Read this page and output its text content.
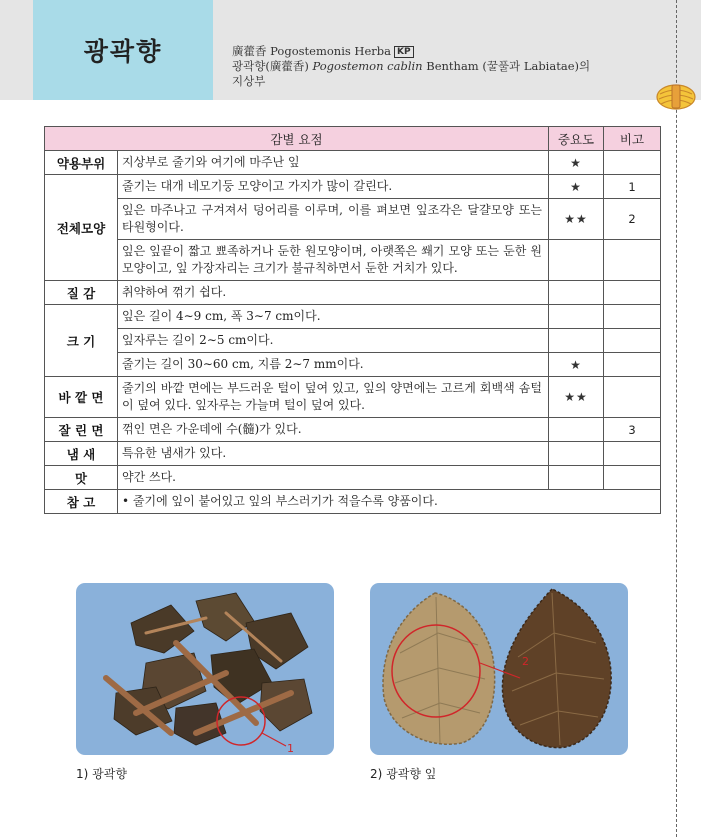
광곽향	廣藿香 Pogostemonis Herba KP
광곽향(廣藿香) Pogostemon cablin Bentham (꿀풀과 Labiatae)의
지상부
감별 요점		중요도	비고
약용부위	지상부로 줄기와 여기에 마주난 잎	★	
전체모양	줄기는 대개 네모기둥 모양이고 가지가 많이 갈린다.	★	1
	잎은 마주나고 구겨져서 덩어리를 이루며, 이를 펴보면 잎조각은 달걀모양 또는 타원형이다.	★★	2
	잎은 잎끝이 짧고 뾰족하거나 둔한 원모양이며, 아랫쪽은 쐐기 모양 또는 둔한 원모양이고, 잎 가장자리는 크기가 불규칙하면서 둔한 거치가 있다.		
질 감	취약하여 꺾기 쉽다.		
크 기	잎은 길이 4∼9 cm, 폭 3∼7 cm이다.		
	잎자루는 길이 2∼5 cm이다.		
	줄기는 길이 30∼60 cm, 지름 2∼7 mm이다.	★	
바 깥 면	줄기의 바깥 면에는 부드러운 털이 덮여 있고, 잎의 양면에는 고르게 회백색 솜털이 덮여 있다. 잎자루는 가늘며 털이 덮여 있다.	★★	
잘 린 면	꺾인 면은 가운데에 수(髓)가 있다.		3
냄 새	특유한 냄새가 있다.		
맛	약간 쓰다.		
참 고	• 줄기에 잎이 붙어있고 잎의 부스러기가 적을수록 양품이다.		
1
1) 광곽향
2
2) 광곽향 잎
